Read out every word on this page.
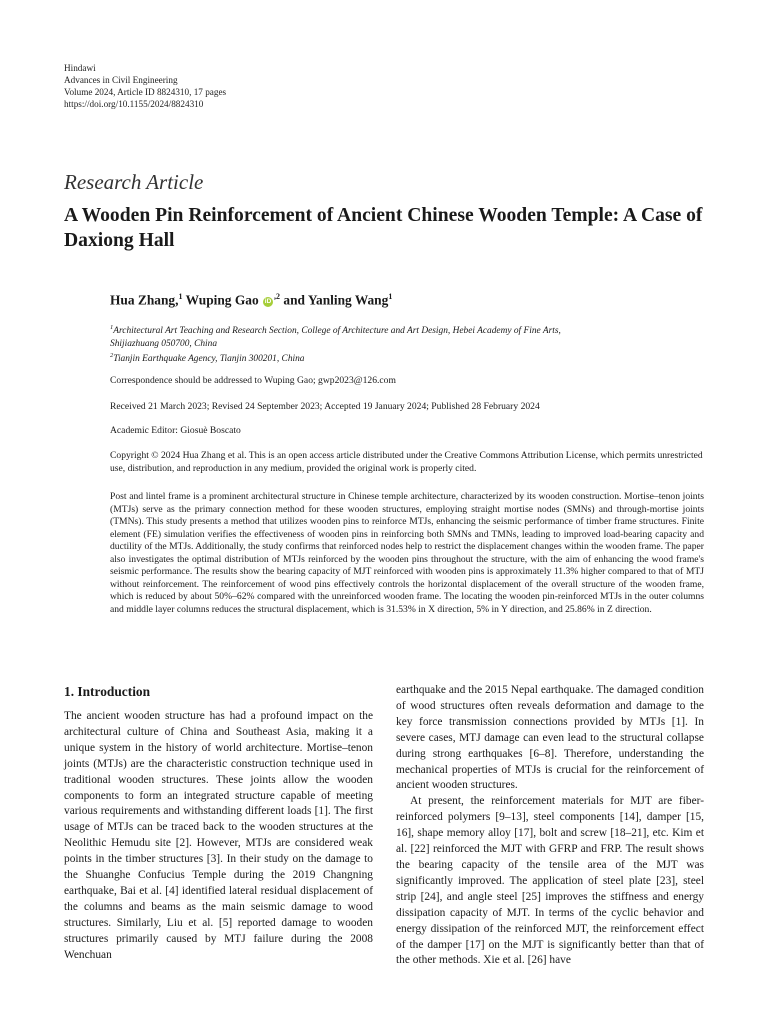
Hindawi
Advances in Civil Engineering
Volume 2024, Article ID 8824310, 17 pages
https://doi.org/10.1155/2024/8824310
Research Article
A Wooden Pin Reinforcement of Ancient Chinese Wooden Temple: A Case of Daxiong Hall
Hua Zhang,$^1$ Wuping Gao $iD^{,2}$ and Yanling Wang$^1$
$^1$Architectural Art Teaching and Research Section, College of Architecture and Art Design, Hebei Academy of Fine Arts,
Shijiazhuang 050700, China
$^2$Tianjin Earthquake Agency, Tianjin 300201, China
Correspondence should be addressed to Wuping Gao; gwp2023@126.com
Received 21 March 2023; Revised 24 September 2023; Accepted 19 January 2024; Published 28 February 2024
Academic Editor: Giosuè Boscato
Copyright © 2024 Hua Zhang et al. This is an open access article distributed under the Creative Commons Attribution License, which permits unrestricted use, distribution, and reproduction in any medium, provided the original work is properly cited.

Post and lintel frame is a prominent architectural structure in Chinese temple architecture, characterized by its wooden construction. Mortise–tenon joints (MTJs) serve as the primary connection method for these wooden structures, employing straight mortise nodes (SMNs) and through-mortise joints (TMNs). This study presents a method that utilizes wooden pins to reinforce MTJs, enhancing the seismic performance of timber frame structures. Finite element (FE) simulation verifies the effectiveness of wooden pins in reinforcing both SMNs and TMNs, leading to improved load-bearing capacity and ductility of the MTJs. Additionally, the study confirms that reinforced nodes help to restrict the displacement changes within the wooden frame. The paper also investigates the optimal distribution of MTJs reinforced by the wooden pins throughout the structure, with the aim of enhancing the wood frame's seismic performance. The results show the bearing capacity of MJT reinforced with wooden pins is approximately 11.3% higher compared to that of MTJ without reinforcement. The reinforcement of wood pins effectively controls the horizontal displacement of the overall structure of the wooden frame, which is reduced by about 50%–62% compared with the unreinforced wooden frame. The locating the wooden pin-reinforced MTJs in the outer columns and middle layer columns reduces the structural displacement, which is 31.53% in X direction, 5% in Y direction, and 25.86% in Z direction.

1. Introduction

The ancient wooden structure has had a profound impact on the architectural culture of China and Southeast Asia, making it a unique system in the history of world architecture. Mortise–tenon joints (MTJs) are the characteristic construction technique used in traditional wooden structures. These joints allow the wooden components to form an integrated structure capable of meeting various requirements and withstanding different loads [1]. The first usage of MTJs can be traced back to the wooden structures at the Neolithic Hemudu site [2]. However, MTJs are considered weak points in the timber structures [3]. In their study on the damage to the Shuanghe Confucius Temple during the 2019 Changning earthquake, Bai et al. [4] identified lateral residual displacement of the columns and beams as the main seismic damage to wood structures. Similarly, Liu et al. [5] reported damage to wooden structures primarily caused by MTJ failure during the 2008 Wenchuan

earthquake and the 2015 Nepal earthquake. The damaged condition of wood structures often reveals deformation and damage to the key force transmission connections provided by MTJs [1]. In severe cases, MTJ damage can even lead to the structural collapse during strong earthquakes [6–8]. Therefore, understanding the mechanical properties of MTJs is crucial for the reinforcement of ancient wooden structures.

At present, the reinforcement materials for MJT are fiber-reinforced polymers [9–13], steel components [14], damper [15, 16], shape memory alloy [17], bolt and screw [18–21], etc. Kim et al. [22] reinforced the MJT with GFRP and FRP. The result shows the bearing capacity of the tensile area of the MJT was significantly improved. The application of steel plate [23], steel strip [24], and angle steel [25] improves the stiffness and energy dissipation capacity of MJT. In terms of the cyclic behavior and energy dissipation of the reinforced MJT, the reinforcement effect of the damper [17] on the MJT is significantly better than that of the other methods. Xie et al. [26] have
